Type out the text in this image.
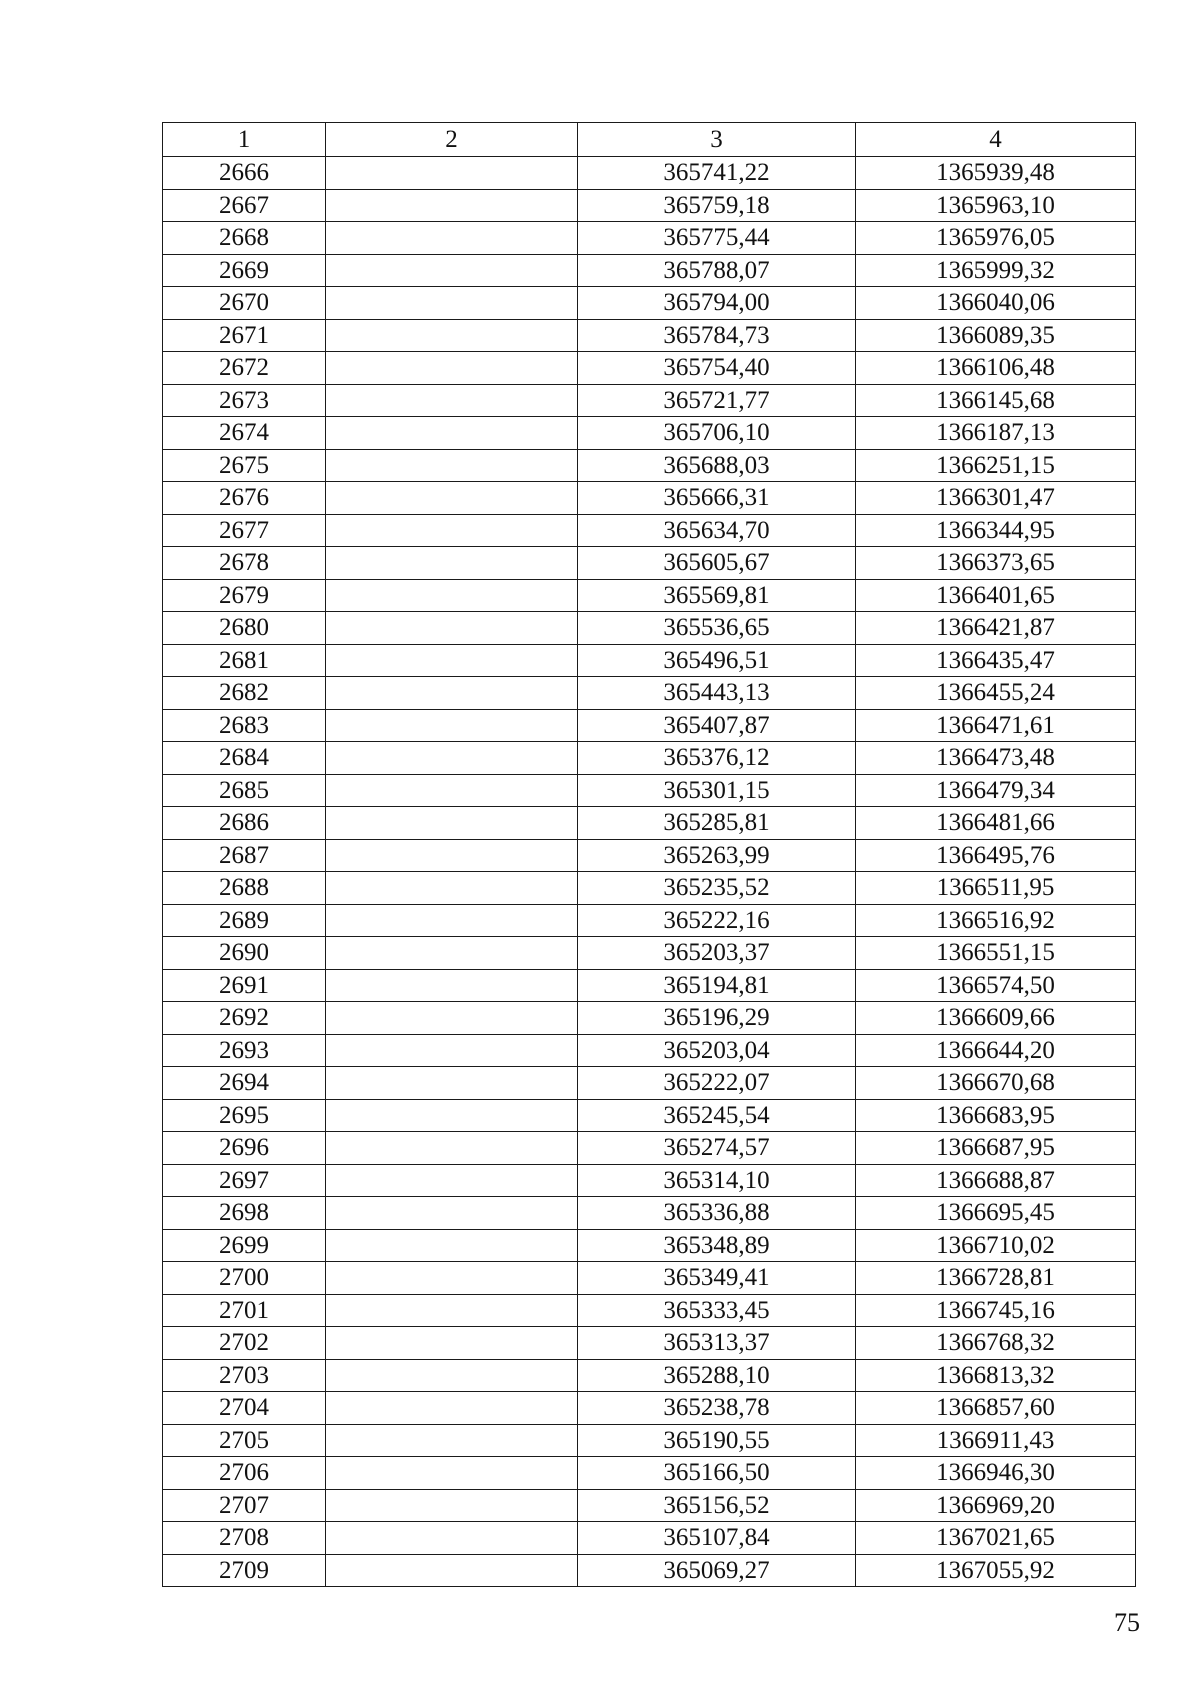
1	2	3	4
2666		365741,22	1365939,48
2667		365759,18	1365963,10
2668		365775,44	1365976,05
2669		365788,07	1365999,32
2670		365794,00	1366040,06
2671		365784,73	1366089,35
2672		365754,40	1366106,48
2673		365721,77	1366145,68
2674		365706,10	1366187,13
2675		365688,03	1366251,15
2676		365666,31	1366301,47
2677		365634,70	1366344,95
2678		365605,67	1366373,65
2679		365569,81	1366401,65
2680		365536,65	1366421,87
2681		365496,51	1366435,47
2682		365443,13	1366455,24
2683		365407,87	1366471,61
2684		365376,12	1366473,48
2685		365301,15	1366479,34
2686		365285,81	1366481,66
2687		365263,99	1366495,76
2688		365235,52	1366511,95
2689		365222,16	1366516,92
2690		365203,37	1366551,15
2691		365194,81	1366574,50
2692		365196,29	1366609,66
2693		365203,04	1366644,20
2694		365222,07	1366670,68
2695		365245,54	1366683,95
2696		365274,57	1366687,95
2697		365314,10	1366688,87
2698		365336,88	1366695,45
2699		365348,89	1366710,02
2700		365349,41	1366728,81
2701		365333,45	1366745,16
2702		365313,37	1366768,32
2703		365288,10	1366813,32
2704		365238,78	1366857,60
2705		365190,55	1366911,43
2706		365166,50	1366946,30
2707		365156,52	1366969,20
2708		365107,84	1367021,65
2709		365069,27	1367055,92
75
